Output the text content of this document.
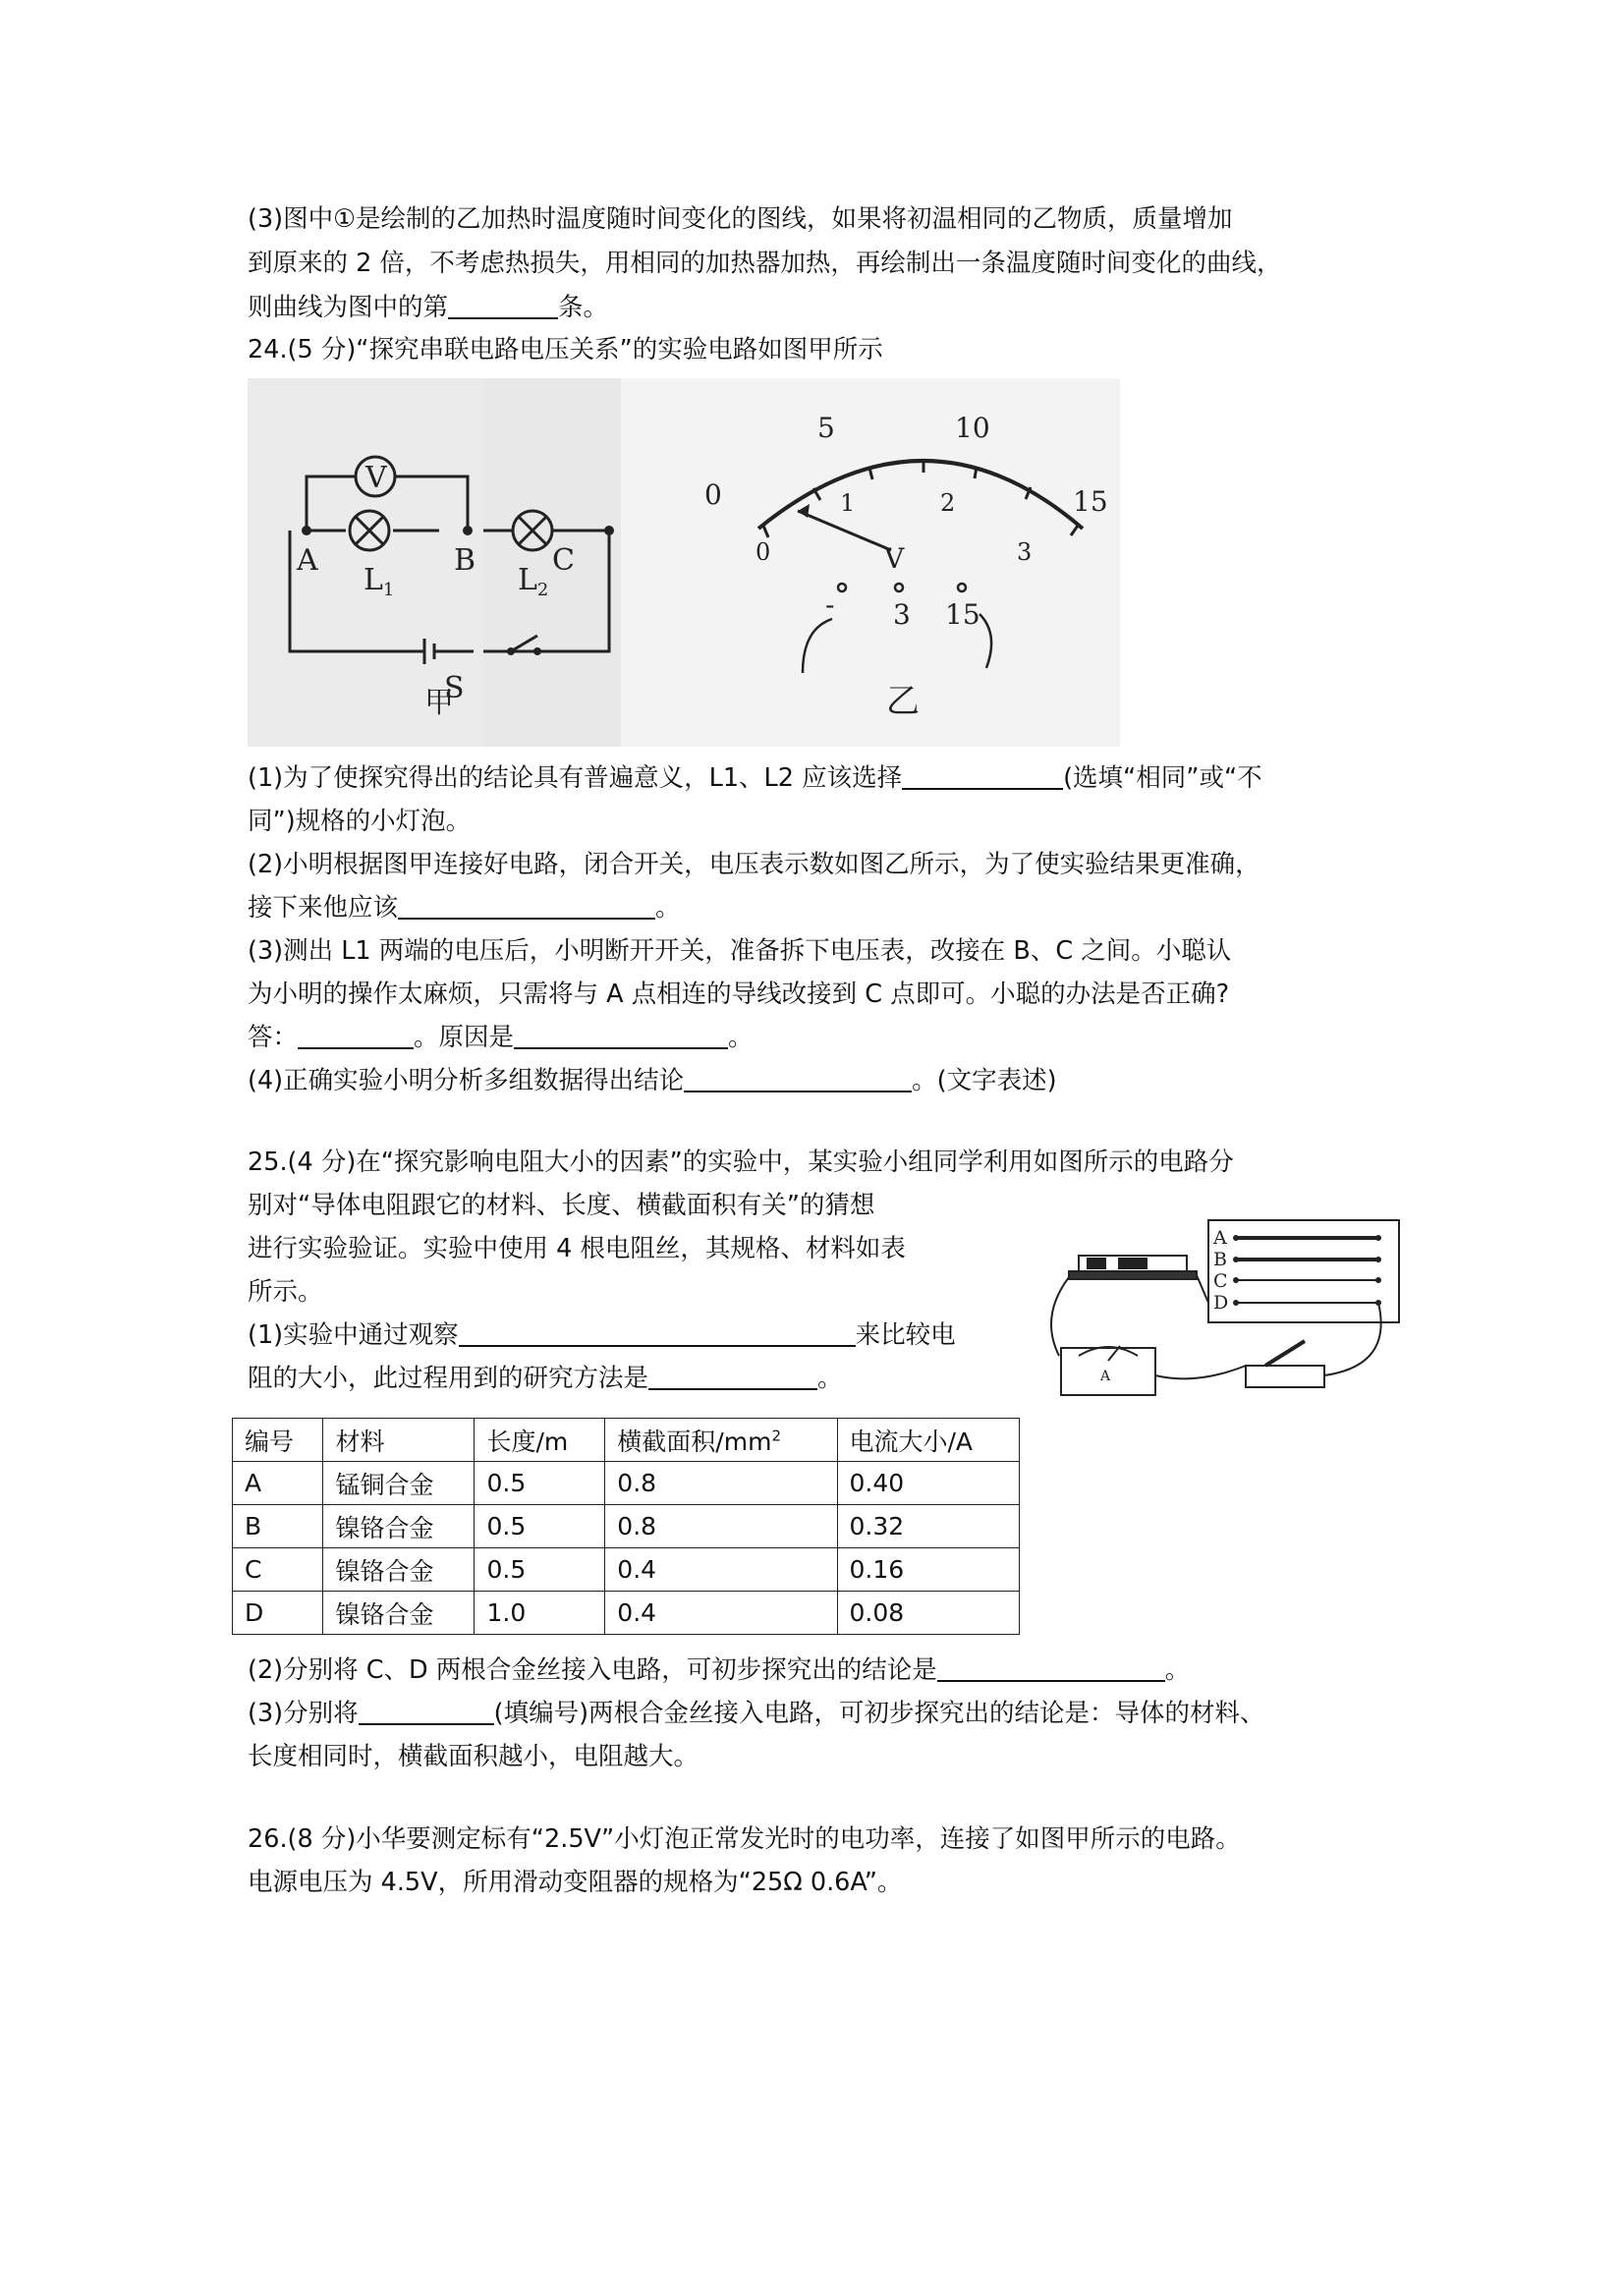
(3)图中①是绘制的乙加热时温度随时间变化的图线，如果将初温相同的乙物质，质量增加
到原来的 2 倍，不考虑热损失，用相同的加热器加热，再绘制出一条温度随时间变化的曲线，
则曲线为图中的第	条。
24.(5 分)“探究串联电路电压关系”的实验电路如图甲所示
V
A	B
$L_1$
S
甲
C
$L_2$
0
5	10
15
0
1	2
3
V
- 3 15
乙
(1)为了使探究得出的结论具有普遍意义，L1、L2 应该选择	(选填“相同”或“不
同”)规格的小灯泡。
(2)小明根据图甲连接好电路，闭合开关，电压表示数如图乙所示，为了使实验结果更准确，
接下来他应该	。
(3)测出 L1 两端的电压后，小明断开开关，准备拆下电压表，改接在 B、C 之间。小聪认
为小明的操作太麻烦，只需将与 A 点相连的导线改接到 C 点即可。小聪的办法是否正确?
答：	。原因是	。
(4)正确实验小明分析多组数据得出结论	。(文字表述)
25.(4 分)在“探究影响电阻大小的因素”的实验中，某实验小组同学利用如图所示的电路分
别对“导体电阻跟它的材料、长度、横截面积有关”的猜想
进行实验验证。实验中使用 4 根电阻丝，其规格、材料如表
所示。
(1)实验中通过观察	来比较电
阻的大小，此过程用到的研究方法是	。
A
B
C
D
A
编号	材料	长度/m	横截面积$/mm^2$	电流大小/A
A	锰铜合金	0.5	0.8	0.40
B	镍铬合金	0.5	0.8	0.32
C	镍铬合金	0.5	0.4	0.16
D	镍铬合金	1.0	0.4	0.08
(2)分别将 C、D 两根合金丝接入电路，可初步探究出的结论是	。
(3)分别将	(填编号)两根合金丝接入电路，可初步探究出的结论是：导体的材料、
长度相同时，横截面积越小，电阻越大。
26.(8 分)小华要测定标有“2.5V”小灯泡正常发光时的电功率，连接了如图甲所示的电路。
电源电压为 4.5V，所用滑动变阻器的规格为“25Ω 0.6A”。
